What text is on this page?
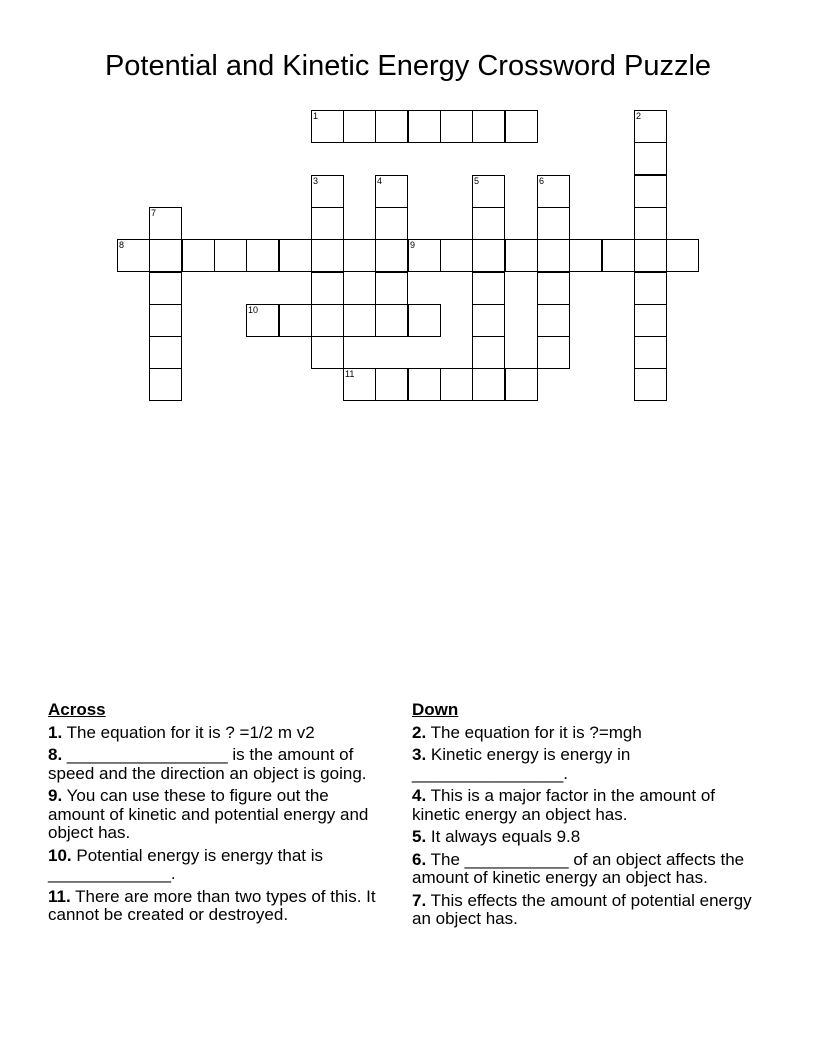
Potential and Kinetic Energy Crossword Puzzle
1	2
3	4	5	6
7
8	9
10
11
Across
1. The equation for it is ? =1/2 m v2
8. _________________ is the amount of speed and the direction an object is going.
9. You can use these to figure out the amount of kinetic and potential energy and object has.
10. Potential energy is energy that is _____________.
11. There are more than two types of this. It cannot be created or destroyed.
Down
2. The equation for it is ?=mgh
3. Kinetic energy is energy in ________________.
4. This is a major factor in the amount of kinetic energy an object has.
5. It always equals 9.8
6. The ___________ of an object affects the amount of kinetic energy an object has.
7. This effects the amount of potential energy an object has.
